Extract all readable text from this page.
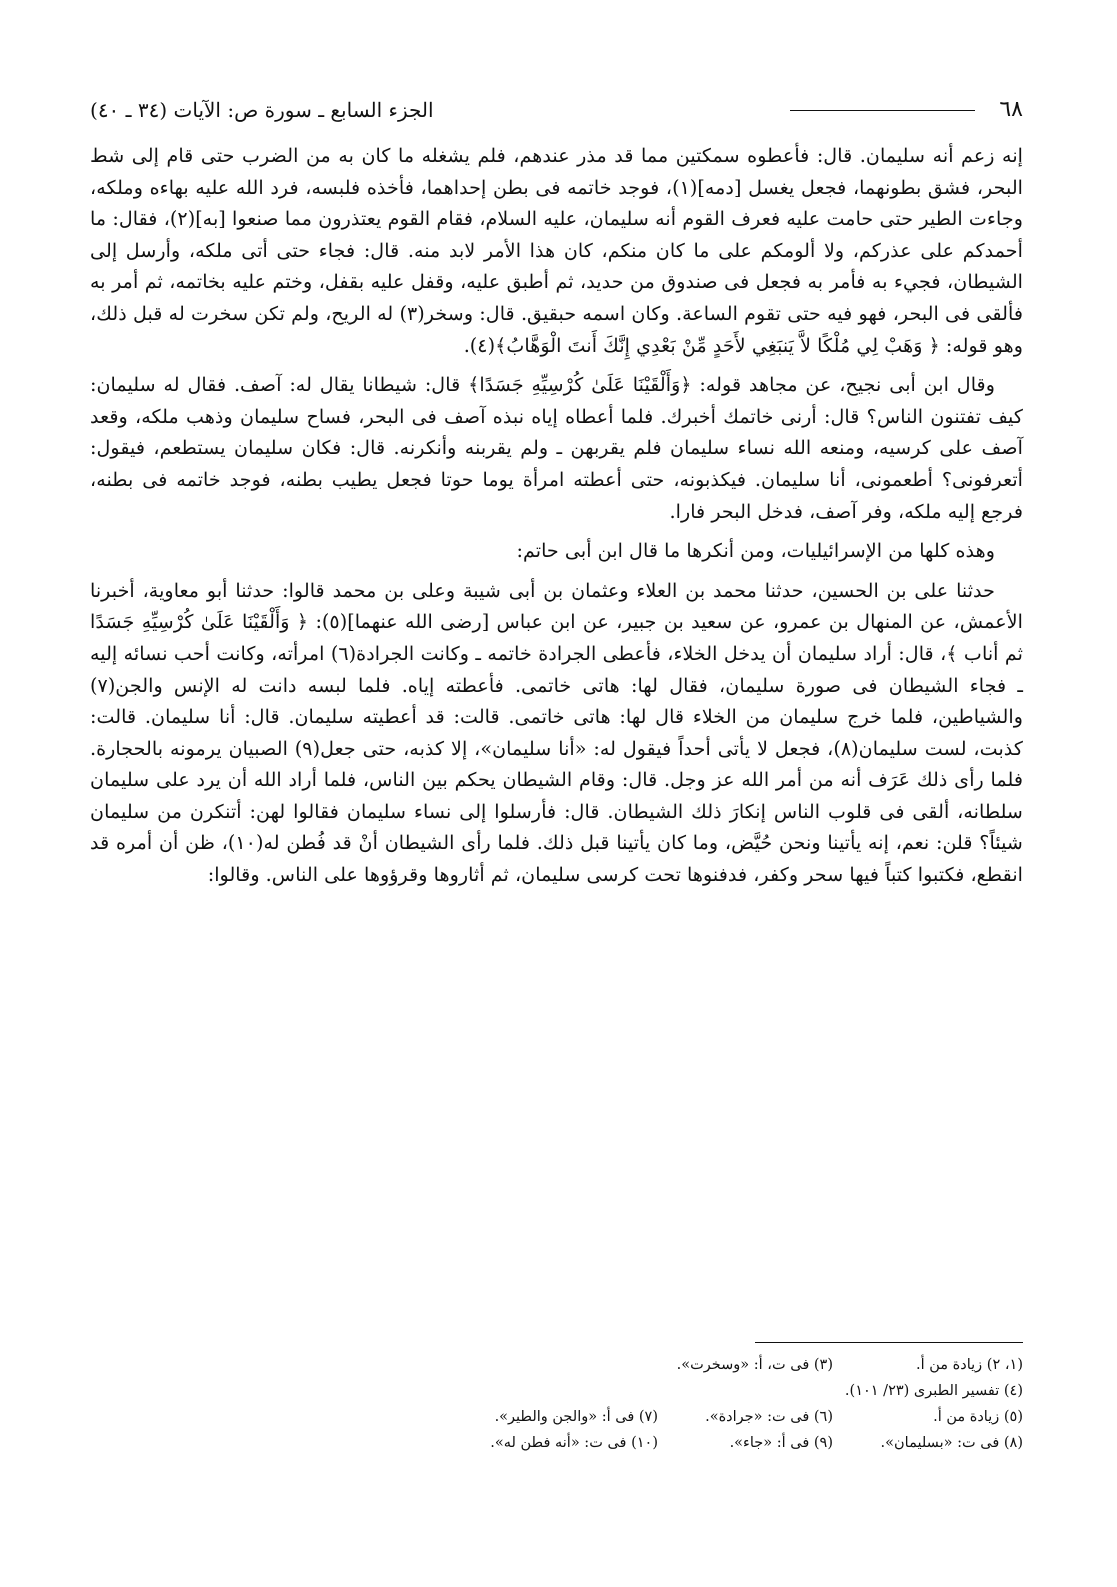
٦٨
الجزء السابع ـ سورة ص: الآيات (٣٤ ـ ٤٠)

إنه زعم أنه سليمان. قال: فأعطوه سمكتين مما قد مذر عندهم، فلم يشغله ما كان به من الضرب حتى قام إلى شط البحر، فشق بطونهما، فجعل يغسل [دمه](١)، فوجد خاتمه فى بطن إحداهما، فأخذه فلبسه، فرد الله عليه بهاءه وملكه، وجاءت الطير حتى حامت عليه فعرف القوم أنه سليمان، عليه السلام، فقام القوم يعتذرون مما صنعوا [به](٢)، فقال: ما أحمدكم على عذركم، ولا ألومكم على ما كان منكم، كان هذا الأمر لابد منه. قال: فجاء حتى أتى ملكه، وأرسل إلى الشيطان، فجيء به فأمر به فجعل فى صندوق من حديد، ثم أطبق عليه، وقفل عليه بقفل، وختم عليه بخاتمه، ثم أمر به فألقى فى البحر، فهو فيه حتى تقوم الساعة. وكان اسمه حبقيق. قال: وسخر(٣) له الريح، ولم تكن سخرت له قبل ذلك، وهو قوله: ﴿ وَهَبْ لِي مُلْكًا لاَّ يَنبَغِي لأَحَدٍ مِّنْ بَعْدِي إِنَّكَ أَنتَ الْوَهَّابُ﴾(٤).

وقال ابن أبى نجيح، عن مجاهد قوله: ﴿وَأَلْقَيْنَا عَلَىٰ كُرْسِيِّهِ جَسَدًا﴾ قال: شيطانا يقال له: آصف. فقال له سليمان: كيف تفتنون الناس؟ قال: أرنى خاتمك أخبرك. فلما أعطاه إياه نبذه آصف فى البحر، فساح سليمان وذهب ملكه، وقعد آصف على كرسيه، ومنعه الله نساء سليمان فلم يقربهن ـ ولم يقربنه وأنكرنه. قال: فكان سليمان يستطعم، فيقول: أتعرفونى؟ أطعمونى، أنا سليمان. فيكذبونه، حتى أعطته امرأة يوما حوتا فجعل يطيب بطنه، فوجد خاتمه فى بطنه، فرجع إليه ملكه، وفر آصف، فدخل البحر فارا.

وهذه كلها من الإسرائيليات، ومن أنكرها ما قال ابن أبى حاتم:

حدثنا على بن الحسين، حدثنا محمد بن العلاء وعثمان بن أبى شيبة وعلى بن محمد قالوا: حدثنا أبو معاوية، أخبرنا الأعمش، عن المنهال بن عمرو، عن سعيد بن جبير، عن ابن عباس [رضى الله عنهما](٥): ﴿ وَأَلْقَيْنَا عَلَىٰ كُرْسِيِّهِ جَسَدًا ثم أناب ﴾، قال: أراد سليمان أن يدخل الخلاء، فأعطى الجرادة خاتمه ـ وكانت الجرادة(٦) امرأته، وكانت أحب نسائه إليه ـ فجاء الشيطان فى صورة سليمان، فقال لها: هاتى خاتمى. فأعطته إياه. فلما لبسه دانت له الإنس والجن(٧) والشياطين، فلما خرج سليمان من الخلاء قال لها: هاتى خاتمى. قالت: قد أعطيته سليمان. قال: أنا سليمان. قالت: كذبت، لست سليمان(٨)، فجعل لا يأتى أحداً فيقول له: «أنا سليمان»، إلا كذبه، حتى جعل(٩) الصبيان يرمونه بالحجارة. فلما رأى ذلك عَرَف أنه من أمر الله عز وجل. قال: وقام الشيطان يحكم بين الناس، فلما أراد الله أن يرد على سليمان سلطانه، ألقى فى قلوب الناس إنكارَ ذلك الشيطان. قال: فأرسلوا إلى نساء سليمان فقالوا لهن: أتنكرن من سليمان شيئاً؟ قلن: نعم، إنه يأتينا ونحن حُيَّض، وما كان يأتينا قبل ذلك. فلما رأى الشيطان أنْ قد فُطن له(١٠)، ظن أن أمره قد انقطع، فكتبوا كتباً فيها سحر وكفر، فدفنوها تحت كرسى سليمان، ثم أثاروها وقرؤوها على الناس. وقالوا:

(١، ٢) زيادة من أ.
(٣) فى ت، أ: «وسخرت».
(٤) تفسير الطبرى (٢٣/ ١٠١).
(٥) زيادة من أ.
(٦) فى ت: «جرادة».
(٧) فى أ: «والجن والطير».
(٨) فى ت: «بسليمان».
(٩) فى أ: «جاء».
(١٠) فى ت: «أنه فطن له».
